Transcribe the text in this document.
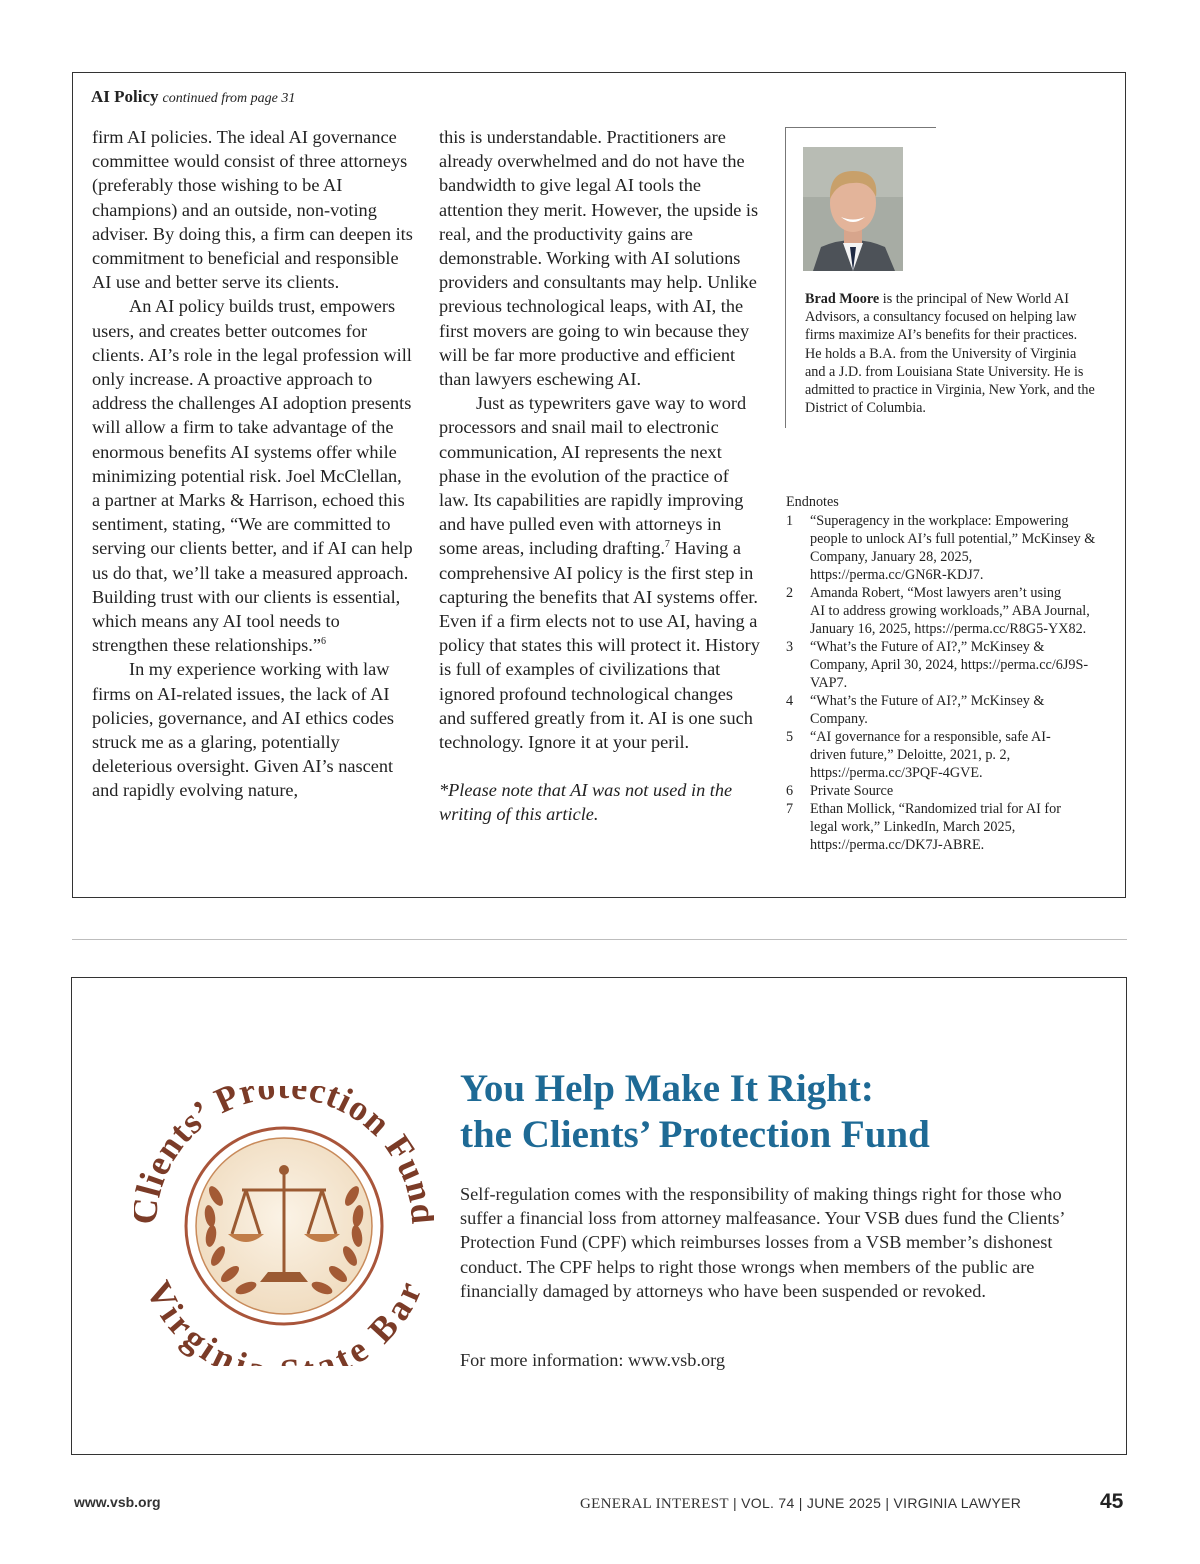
AI Policy continued from page 31

firm AI policies. The ideal AI governance committee would consist of three attorneys (preferably those wishing to be AI champions) and an outside, non-voting adviser. By doing this, a firm can deepen its commitment to beneficial and responsible AI use and better serve its clients.

An AI policy builds trust, empowers users, and creates better outcomes for clients. AI’s role in the legal profession will only increase. A proactive approach to address the challenges AI adoption presents will allow a firm to take advantage of the enormous benefits AI systems offer while minimizing potential risk. Joel McClellan, a partner at Marks & Harrison, echoed this sentiment, stating, “We are committed to serving our clients better, and if AI can help us do that, we’ll take a measured approach. Building trust with our clients is essential, which means any AI tool needs to strengthen these relationships.”$^6$

In my experience working with law firms on AI-related issues, the lack of AI policies, governance, and AI ethics codes struck me as a glaring, potentially deleterious oversight. Given AI’s nascent and rapidly evolving nature,

this is understandable. Practitioners are already overwhelmed and do not have the bandwidth to give legal AI tools the attention they merit. However, the upside is real, and the productivity gains are demonstrable. Working with AI solutions providers and consultants may help. Unlike previous technological leaps, with AI, the first movers are going to win because they will be far more productive and efficient than lawyers eschewing AI.

Just as typewriters gave way to word processors and snail mail to electronic communication, AI represents the next phase in the evolution of the practice of law. Its capabilities are rapidly improving and have pulled even with attorneys in some areas, including drafting.$^7$ Having a comprehensive AI policy is the first step in capturing the benefits that AI systems offer. Even if a firm elects not to use AI, having a policy that states this will protect it. History is full of examples of civilizations that ignored profound technological changes and suffered greatly from it. AI is one such technology. Ignore it at your peril.

*Please note that AI was not used in the writing of this article.

Brad Moore is the principal of New World AI Advisors, a consultancy focused on helping law firms maximize AI’s benefits for their practices. He holds a B.A. from the University of Virginia and a J.D. from Louisiana State University. He is admitted to practice in Virginia, New York, and the District of Columbia.
Endnotes
1 “Superagency in the workplace: Empowering
people to unlock AI’s full potential,” McKinsey & Company, January 28, 2025, https://perma.cc/GN6R-KDJ7.
2 Amanda Robert, “Most lawyers aren’t using
AI to address growing workloads,” ABA Journal, January 16, 2025, https://perma.cc/R8G5-YX82.
3 “What’s the Future of AI?,” McKinsey &
Company, April 30, 2024, https://perma.cc/6J9S-VAP7.
4 “What’s the Future of AI?,” McKinsey &
Company.
5 “AI governance for a responsible, safe AI-
driven future,” Deloitte, 2021, p. 2, https://perma.cc/3PQF-4GVE.
6 Private Source
7 Ethan Mollick, “Randomized trial for AI for
legal work,” LinkedIn, March 2025, https://perma.cc/DK7J-ABRE.
ients’ Protection Fu
Virgini ate Bar
You Help Make It Right:
the Clients’ Protection Fund
Self-regulation comes with the responsibility of making things right for those who suffer a financial loss from attorney malfeasance. Your VSB dues fund the Clients’ Protection Fund (CPF) which reimburses losses from a VSB member’s dishonest conduct. The CPF helps to right those wrongs when members of the public are financially damaged by attorneys who have been suspended or revoked.
For more information: www.vsb.org
www.vsb.org	GENERAL INTEREST | VOL. 74 | JUNE 2025 | VIRGINIA LAWYER	45
